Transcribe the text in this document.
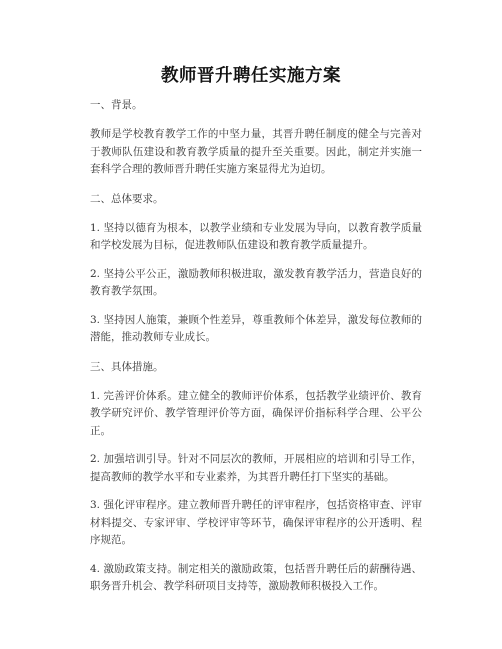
教师晋升聘任实施方案

一、背景。

教师是学校教育教学工作的中坚力量，其晋升聘任制度的健全与完善对于教师队伍建设和教育教学质量的提升至关重要。因此，制定并实施一套科学合理的教师晋升聘任实施方案显得尤为迫切。

二、总体要求。

1. 坚持以德育为根本，以教学业绩和专业发展为导向，以教育教学质量和学校发展为目标，促进教师队伍建设和教育教学质量提升。

2. 坚持公平公正，激励教师积极进取，激发教育教学活力，营造良好的教育教学氛围。

3. 坚持因人施策，兼顾个性差异，尊重教师个体差异，激发每位教师的潜能，推动教师专业成长。

三、具体措施。

1. 完善评价体系。建立健全的教师评价体系，包括教学业绩评价、教育教学研究评价、教学管理评价等方面，确保评价指标科学合理、公平公正。

2. 加强培训引导。针对不同层次的教师，开展相应的培训和引导工作，提高教师的教学水平和专业素养，为其晋升聘任打下坚实的基础。

3. 强化评审程序。建立教师晋升聘任的评审程序，包括资格审查、评审材料提交、专家评审、学校评审等环节，确保评审程序的公开透明、程序规范。

4. 激励政策支持。制定相关的激励政策，包括晋升聘任后的薪酬待遇、职务晋升机会、教学科研项目支持等，激励教师积极投入工作。
